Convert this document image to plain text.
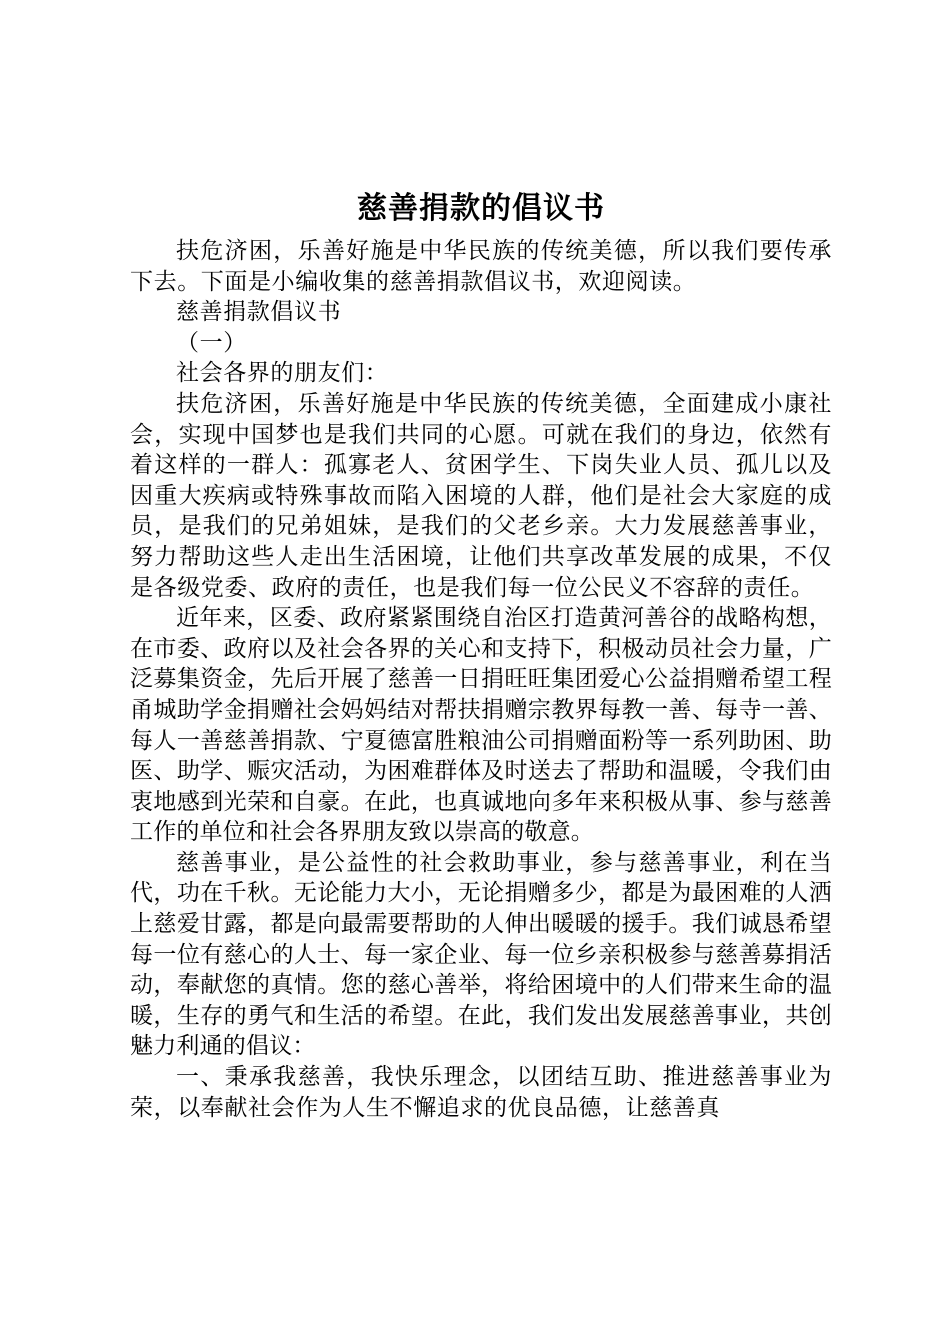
慈善捐款的倡议书

扶危济困，乐善好施是中华民族的传统美德，所以我们要传承下去。下面是小编收集的慈善捐款倡议书，欢迎阅读。

慈善捐款倡议书

（一）

社会各界的朋友们：

扶危济困，乐善好施是中华民族的传统美德，全面建成小康社会，实现中国梦也是我们共同的心愿。可就在我们的身边，依然有着这样的一群人：孤寡老人、贫困学生、下岗失业人员、孤儿以及因重大疾病或特殊事故而陷入困境的人群，他们是社会大家庭的成员，是我们的兄弟姐妹，是我们的父老乡亲。大力发展慈善事业，努力帮助这些人走出生活困境，让他们共享改革发展的成果，不仅是各级党委、政府的责任，也是我们每一位公民义不容辞的责任。

近年来，区委、政府紧紧围绕自治区打造黄河善谷的战略构想，在市委、政府以及社会各界的关心和支持下，积极动员社会力量，广泛募集资金，先后开展了慈善一日捐旺旺集团爱心公益捐赠希望工程甬城助学金捐赠社会妈妈结对帮扶捐赠宗教界每教一善、每寺一善、每人一善慈善捐款、宁夏德富胜粮油公司捐赠面粉等一系列助困、助医、助学、赈灾活动，为困难群体及时送去了帮助和温暖，令我们由衷地感到光荣和自豪。在此，也真诚地向多年来积极从事、参与慈善工作的单位和社会各界朋友致以崇高的敬意。

慈善事业，是公益性的社会救助事业，参与慈善事业，利在当代，功在千秋。无论能力大小，无论捐赠多少，都是为最困难的人洒上慈爱甘露，都是向最需要帮助的人伸出暖暖的援手。我们诚恳希望每一位有慈心的人士、每一家企业、每一位乡亲积极参与慈善募捐活动，奉献您的真情。您的慈心善举，将给困境中的人们带来生命的温暖，生存的勇气和生活的希望。在此，我们发出发展慈善事业，共创魅力利通的倡议：

一、秉承我慈善，我快乐理念，以团结互助、推进慈善事业为荣，以奉献社会作为人生不懈追求的优良品德，让慈善真
